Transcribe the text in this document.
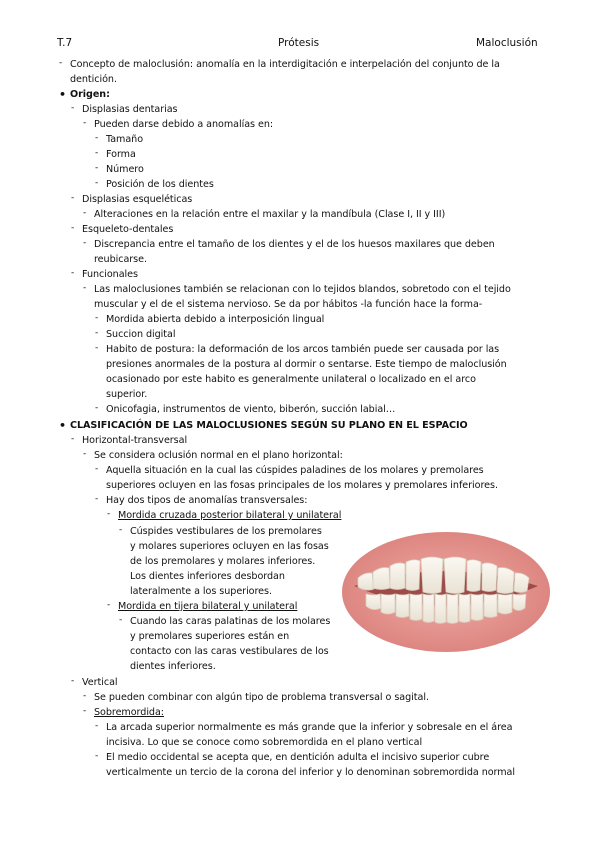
T.7	Prótesis	Maloclusión
- Concepto de maloclusión: anomalía en la interdigitación e interpelación del conjunto de la
dentición.
• Origen:
- Displasias dentarias
- Pueden darse debido a anomalías en:
- Tamaño
- Forma
- Número
- Posición de los dientes
- Displasias esqueléticas
- Alteraciones en la relación entre el maxilar y la mandíbula (Clase I, II y III)
- Esqueleto-dentales
- Discrepancia entre el tamaño de los dientes y el de los huesos maxilares que deben
reubicarse.
- Funcionales
- Las maloclusiones también se relacionan con lo tejidos blandos, sobretodo con el tejido
muscular y el de el sistema nervioso. Se da por hábitos -la función hace la forma-
- Mordida abierta debido a interposición lingual
- Succion digital
- Habito de postura: la deformación de los arcos también puede ser causada por las
presiones anormales de la postura al dormir o sentarse. Este tiempo de maloclusión
ocasionado por este habito es generalmente unilateral o localizado en el arco
superior.
- Onicofagia, instrumentos de viento, biberón, succión labial…
• CLASIFICACIÓN DE LAS MALOCLUSIONES SEGÚN SU PLANO EN EL ESPACIO
- Horizontal-transversal
- Se considera oclusión normal en el plano horizontal:
- Aquella situación en la cual las cúspides paladines de los molares y premolares
superiores ocluyen en las fosas principales de los molares y premolares inferiores.
- Hay dos tipos de anomalías transversales:
- Mordida cruzada posterior bilateral y unilateral
- Cúspides vestibulares de los premolares
y molares superiores ocluyen en las fosas
de los premolares y molares inferiores.
Los dientes inferiores desbordan
lateralmente a los superiores.
- Mordida en tijera bilateral y unilateral
- Cuando las caras palatinas de los molares
y premolares superiores están en
contacto con las caras vestibulares de los
dientes inferiores.
- Vertical
- Se pueden combinar con algún tipo de problema transversal o sagital.
- Sobremordida:
- La arcada superior normalmente es más grande que la inferior y sobresale en el área
incisiva. Lo que se conoce como sobremordida en el plano vertical
- El medio occidental se acepta que, en dentición adulta el incisivo superior cubre
verticalmente un tercio de la corona del inferior y lo denominan sobremordida normal
